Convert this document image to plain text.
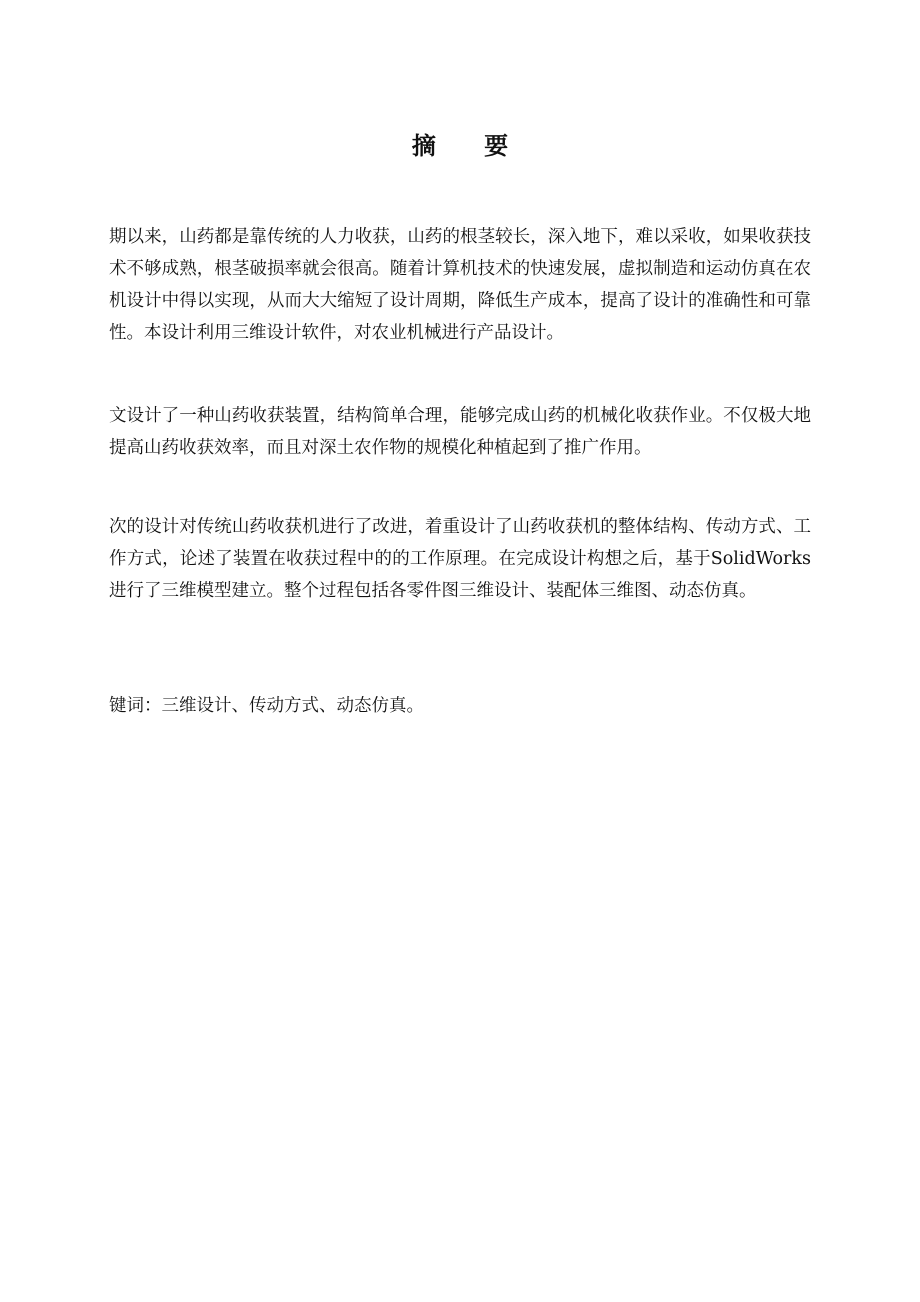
摘 要

期以来，山药都是靠传统的人力收获，山药的根茎较长，深入地下，难以采收，如果收获技术不够成熟，根茎破损率就会很高。随着计算机技术的快速发展，虚拟制造和运动仿真在农机设计中得以实现，从而大大缩短了设计周期，降低生产成本，提高了设计的准确性和可靠性。本设计利用三维设计软件，对农业机械进行产品设计。

文设计了一种山药收获装置，结构简单合理，能够完成山药的机械化收获作业。不仅极大地提高山药收获效率，而且对深土农作物的规模化种植起到了推广作用。

次的设计对传统山药收获机进行了改进，着重设计了山药收获机的整体结构、传动方式、工作方式，论述了装置在收获过程中的的工作原理。在完成设计构想之后，基于SolidWorks 进行了三维模型建立。整个过程包括各零件图三维设计、装配体三维图、动态仿真。

键词：三维设计、传动方式、动态仿真。
